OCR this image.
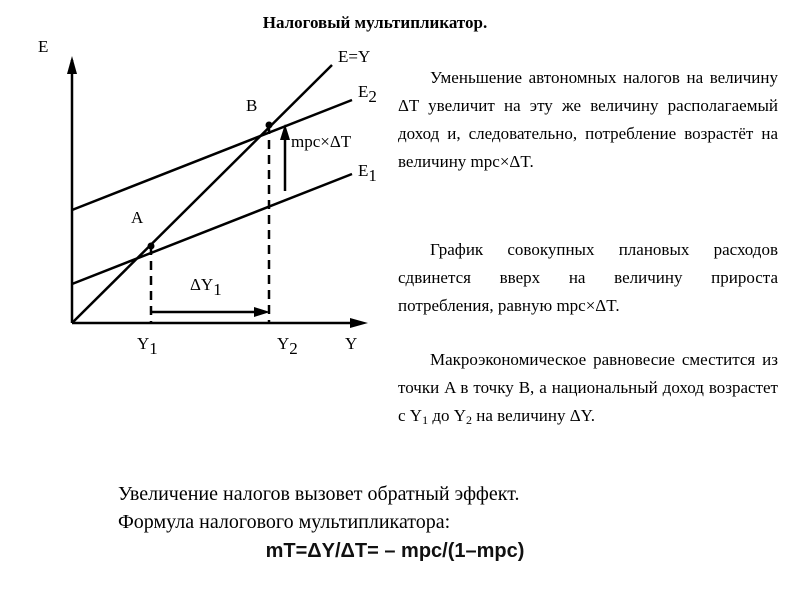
Налоговый мультипликатор.
E
Y
E=Y
E2
E1
A
B
mpc×ΔT
ΔY1
Y1	Y2

Уменьшение автономных налогов на величину ΔT увеличит на эту же величину располагаемый доход и, следовательно, потребление возрастёт на величину mpc×ΔT.

График совокупных плановых расходов сдвинется вверх на величину прироста потребления, равную mpc×ΔT.

Макроэкономическое равновесие сместится из точки A в точку B, а национальный доход возрастет с $Y_1$ до $Y_2$ на величину ΔY.

Увеличение налогов вызовет обратный эффект.
Формула налогового мультипликатора:
mT=ΔY/ΔT= – mpc/(1–mpc)
